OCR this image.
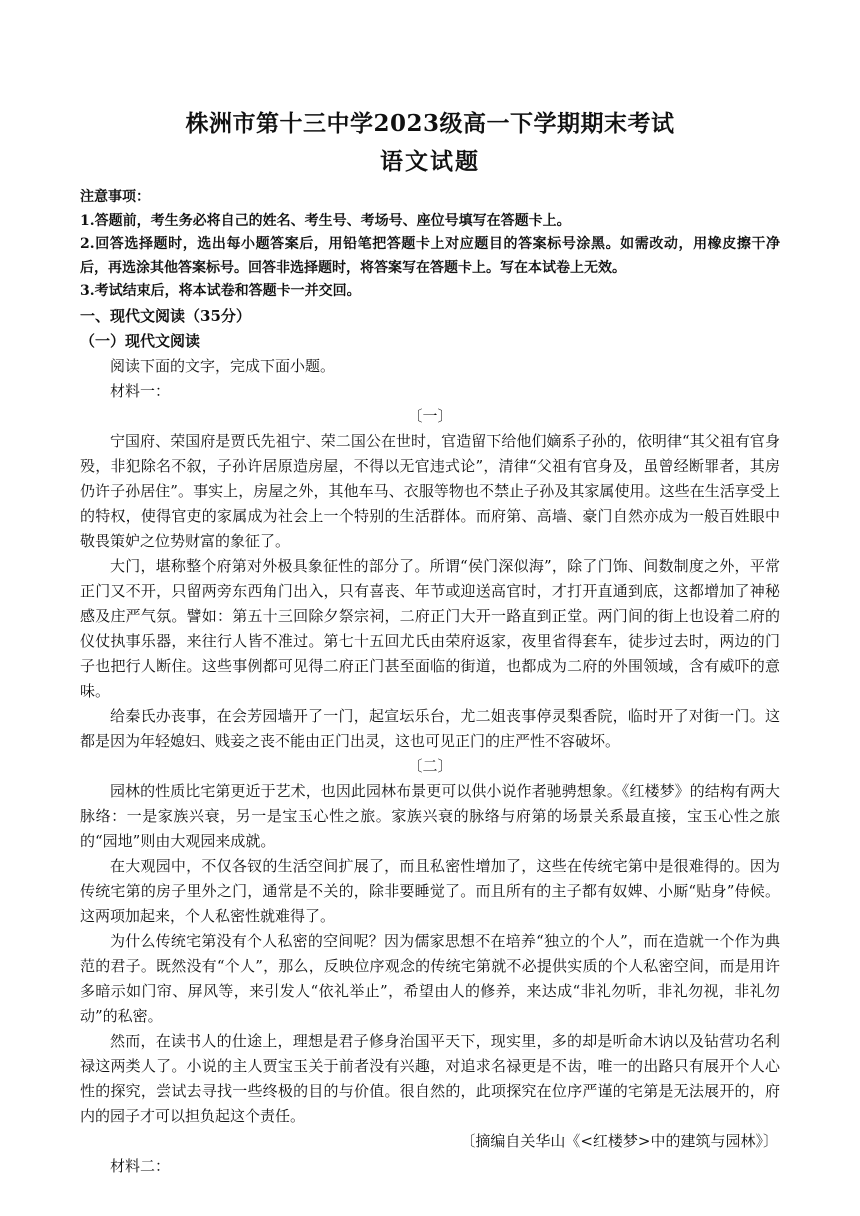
株洲市第十三中学2023级高一下学期期末考试
语文试题

注意事项：

1.答题前，考生务必将自己的姓名、考生号、考场号、座位号填写在答题卡上。

2.回答选择题时，选出每小题答案后，用铅笔把答题卡上对应题目的答案标号涂黑。如需改动，用橡皮擦干净后，再选涂其他答案标号。回答非选择题时，将答案写在答题卡上。写在本试卷上无效。

3.考试结束后，将本试卷和答题卡一并交回。

一、现代文阅读（35分）

（一）现代文阅读

阅读下面的文字，完成下面小题。

材料一：

〔一〕

宁国府、荣国府是贾氏先祖宁、荣二国公在世时，官造留下给他们嫡系子孙的，依明律“其父祖有官身殁，非犯除名不叙，子孙许居原造房屋，不得以无官违式论”，清律“父祖有官身及，虽曾经断罪者，其房仍许子孙居住”。事实上，房屋之外，其他车马、衣服等物也不禁止子孙及其家属使用。这些在生活享受上的特权，使得官吏的家属成为社会上一个特别的生活群体。而府第、高墙、豪门自然亦成为一般百姓眼中敬畏策妒之位势财富的象征了。

大门，堪称整个府第对外极具象征性的部分了。所谓“侯门深似海”，除了门饰、间数制度之外，平常正门又不开，只留两旁东西角门出入，只有喜丧、年节或迎送高官时，才打开直通到底，这都增加了神秘感及庄严气氛。譬如：第五十三回除夕祭宗祠，二府正门大开一路直到正堂。两门间的街上也设着二府的仪仗执事乐器，来往行人皆不准过。第七十五回尤氏由荣府返家，夜里省得套车，徒步过去时，两边的门子也把行人断住。这些事例都可见得二府正门甚至面临的街道，也都成为二府的外围领域，含有威吓的意味。

给秦氏办丧事，在会芳园墙开了一门，起宣坛乐台，尤二姐丧事停灵梨香院，临时开了对街一门。这都是因为年轻媳妇、贱妾之丧不能由正门出灵，这也可见正门的庄严性不容破坏。

〔二〕

园林的性质比宅第更近于艺术，也因此园林布景更可以供小说作者驰骋想象。《红楼梦》的结构有两大脉络：一是家族兴衰，另一是宝玉心性之旅。家族兴衰的脉络与府第的场景关系最直接，宝玉心性之旅的“园地”则由大观园来成就。

在大观园中，不仅各钗的生活空间扩展了，而且私密性增加了，这些在传统宅第中是很难得的。因为传统宅第的房子里外之门，通常是不关的，除非要睡觉了。而且所有的主子都有奴婢、小厮“贴身”侍候。这两项加起来，个人私密性就难得了。

为什么传统宅第没有个人私密的空间呢？因为儒家思想不在培养“独立的个人”，而在造就一个作为典范的君子。既然没有“个人”，那么，反映位序观念的传统宅第就不必提供实质的个人私密空间，而是用许多暗示如门帘、屏风等，来引发人“依礼举止”，希望由人的修养，来达成“非礼勿听，非礼勿视，非礼勿动”的私密。

然而，在读书人的仕途上，理想是君子修身治国平天下，现实里，多的却是听命木讷以及钻营功名利禄这两类人了。小说的主人贾宝玉关于前者没有兴趣，对追求名禄更是不齿，唯一的出路只有展开个人心性的探究，尝试去寻找一些终极的目的与价值。很自然的，此项探究在位序严谨的宅第是无法展开的，府内的园子才可以担负起这个责任。

〔摘编自关华山《<红楼梦>中的建筑与园林》〕

材料二：
